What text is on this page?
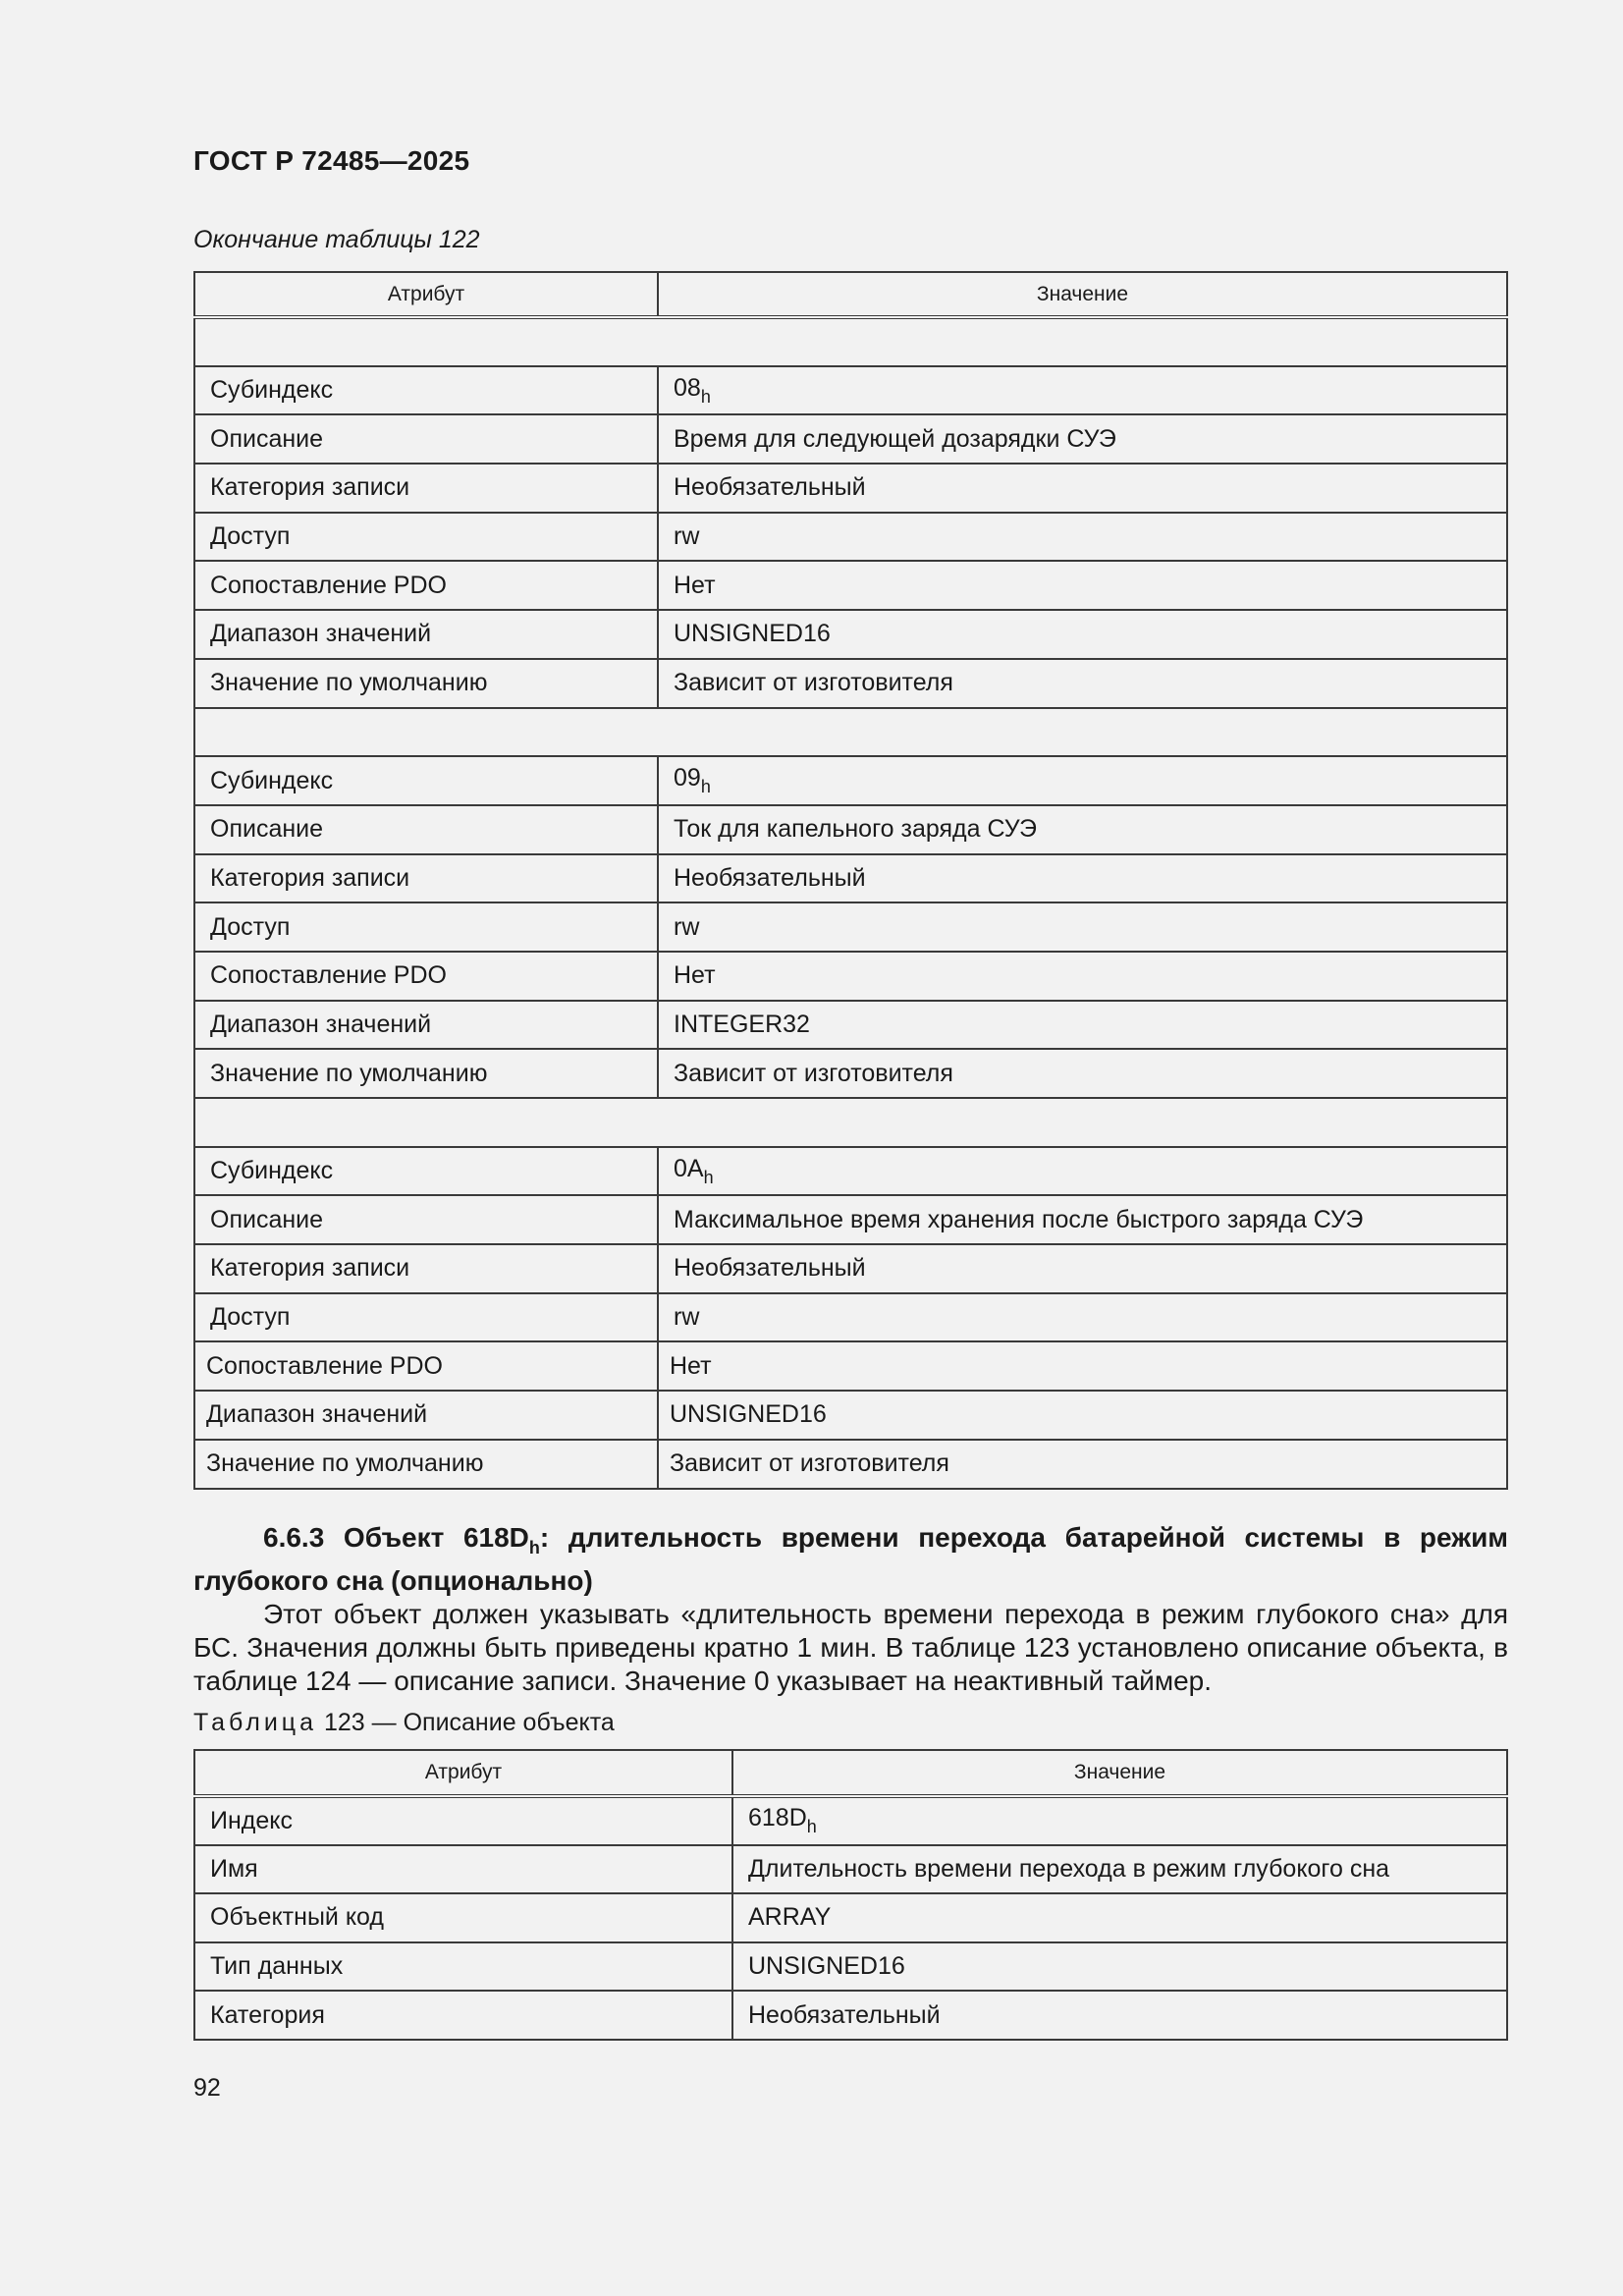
ГОСТ Р 72485—2025
Окончание таблицы 122
Атрибут	Значение

Субиндекс	$08_h$
Описание	Время для следующей дозарядки СУЭ
Категория записи	Необязательный
Доступ	rw
Сопоставление PDO	Нет
Диапазон значений	UNSIGNED16
Значение по умолчанию	Зависит от изготовителя

Субиндекс	$09_h$
Описание	Ток для капельного заряда СУЭ
Категория записи	Необязательный
Доступ	rw
Сопоставление PDO	Нет
Диапазон значений	INTEGER32
Значение по умолчанию	Зависит от изготовителя

Субиндекс	$0A_h$
Описание	Максимальное время хранения после быстрого заряда СУЭ
Категория записи	Необязательный
Доступ	rw
Сопоставление PDO	Нет
Диапазон значений	UNSIGNED16
Значение по умолчанию	Зависит от изготовителя

6.6.3 Объект $618D_h$: длительность времени перехода батарейной системы в режим глубокого сна (опционально)

Этот объект должен указывать «длительность времени перехода в режим глубокого сна» для БС. Значения должны быть приведены кратно 1 мин. В таблице 123 установлено описание объекта, в таблице 124 — описание записи. Значение 0 указывает на неактивный таймер.

Таблица 123 — Описание объекта
Атрибут	Значение
Индекс	$618D_h$
Имя	Длительность времени перехода в режим глубокого сна
Объектный код	ARRAY
Тип данных	UNSIGNED16
Категория	Необязательный
92
